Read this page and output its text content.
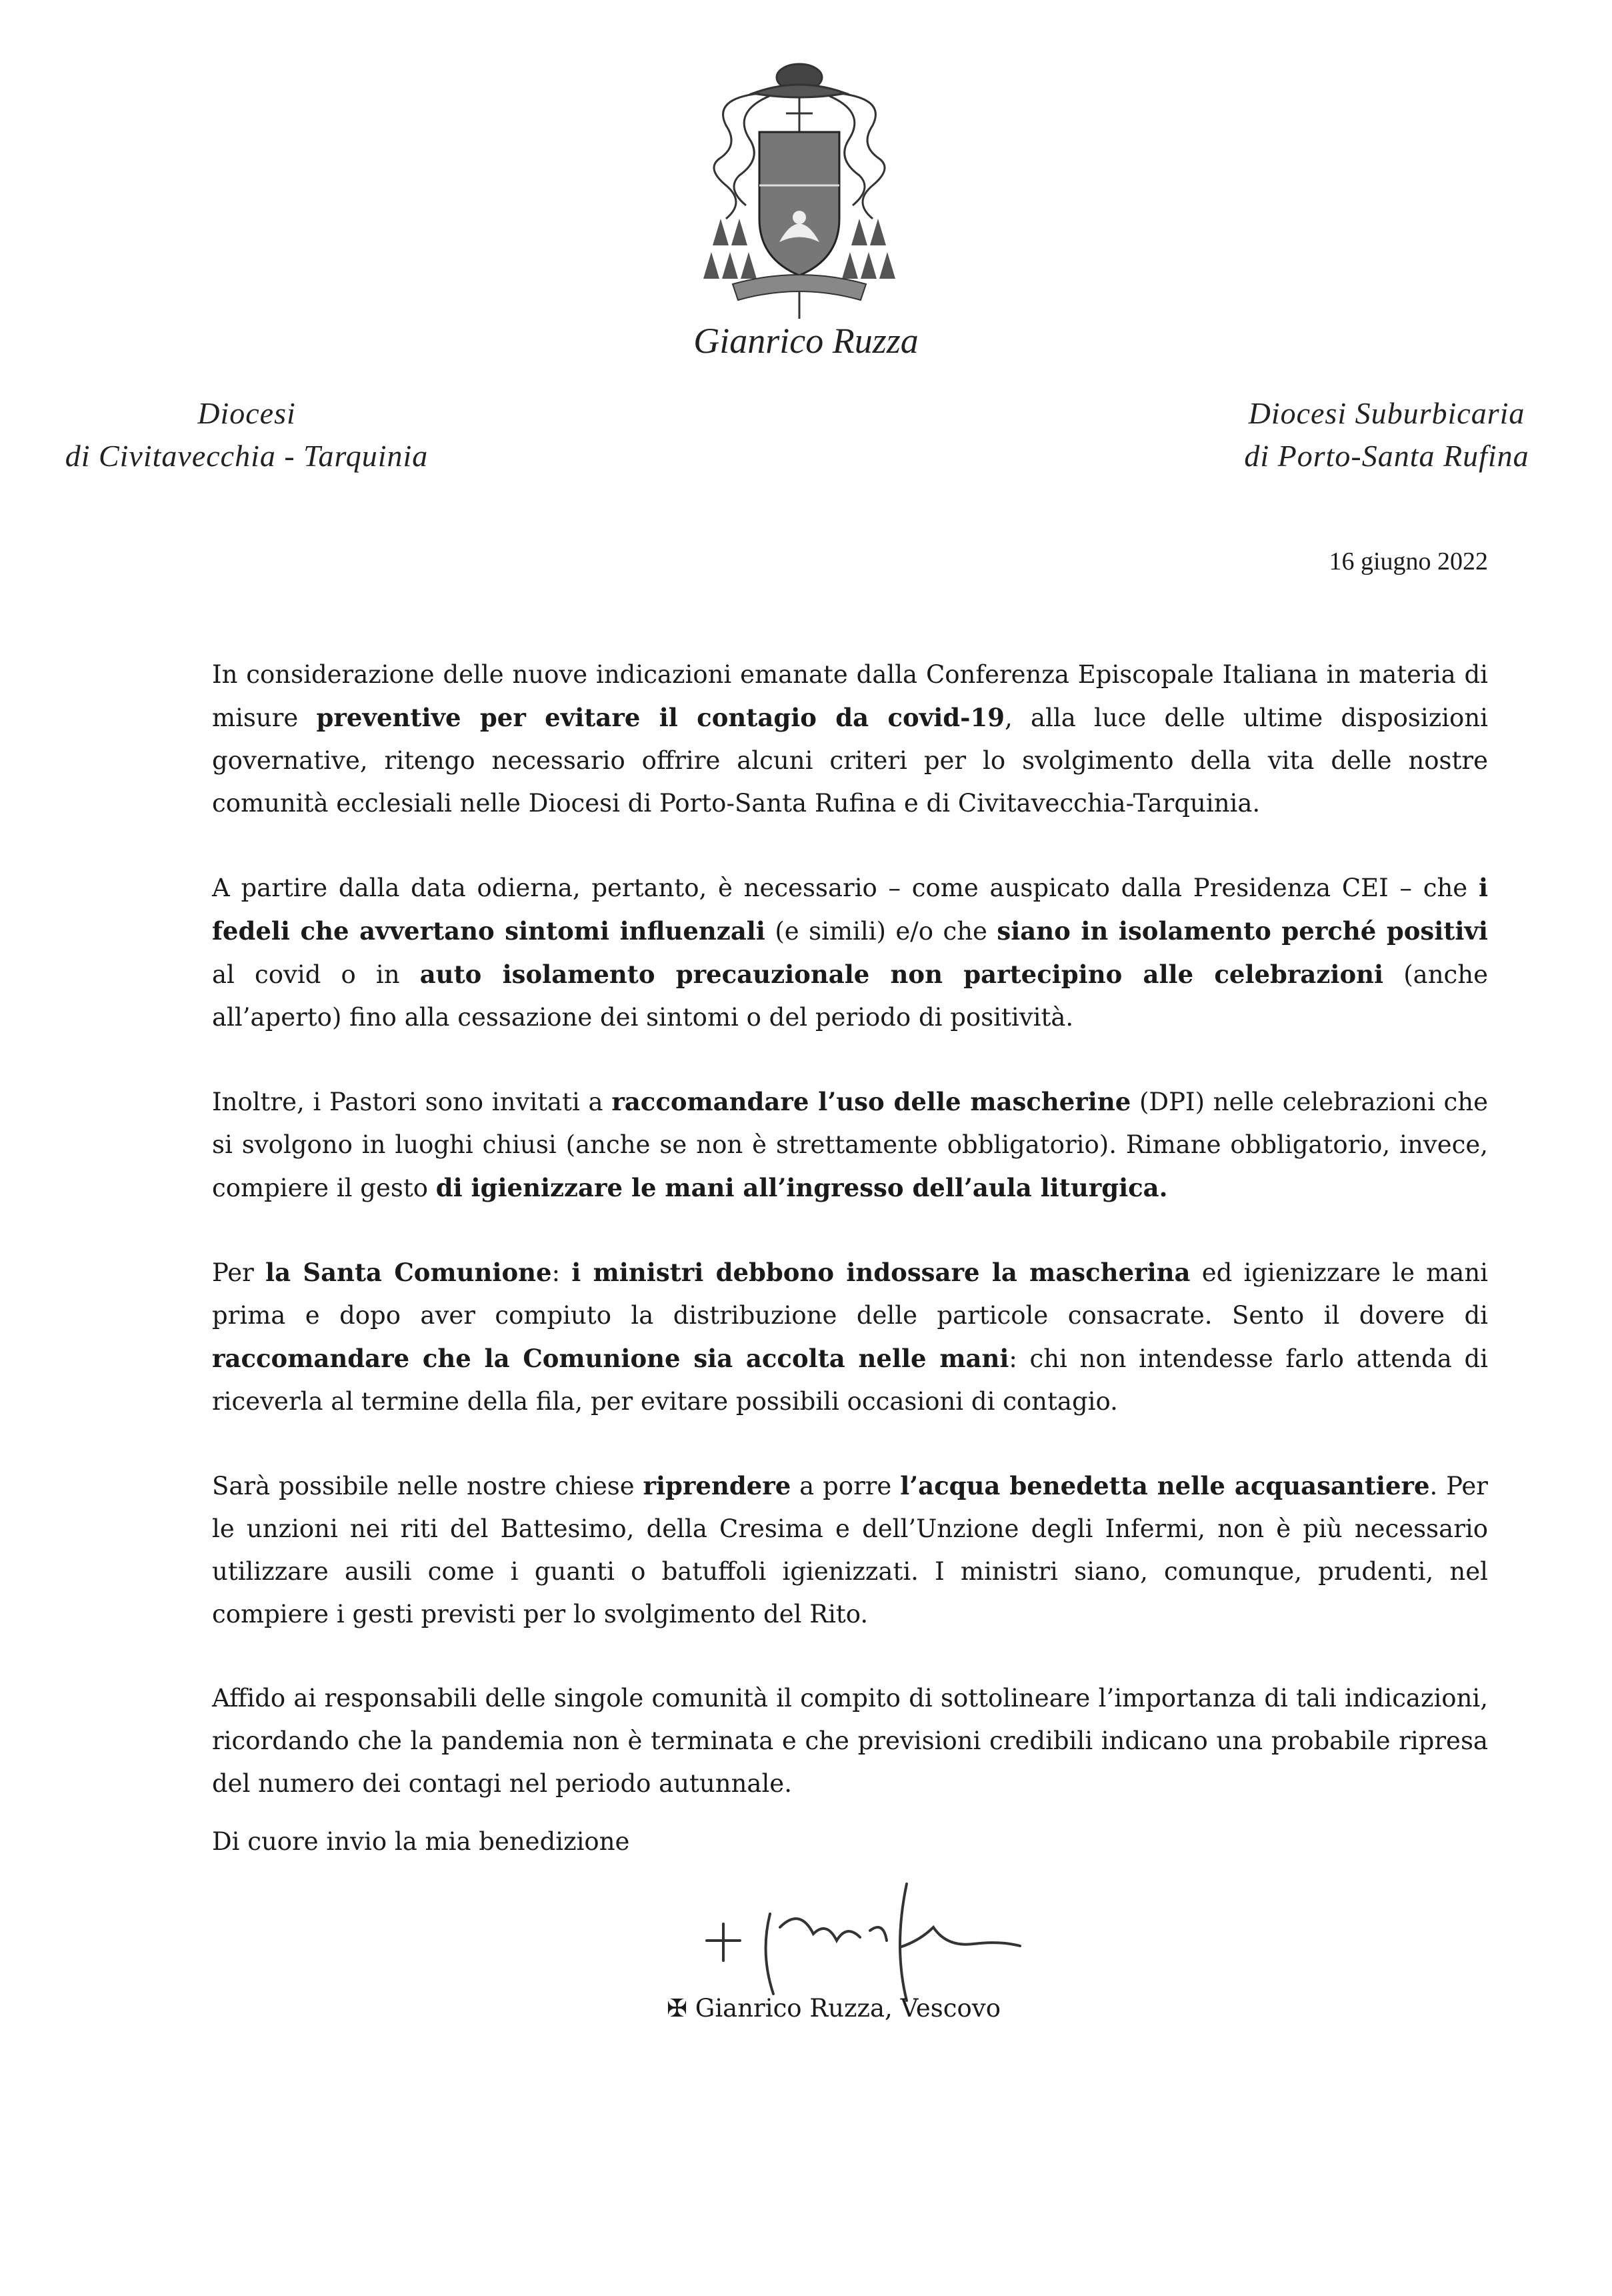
Gianrico Ruzza
Diocesi
di Civitavecchia - Tarquinia
Diocesi Suburbicaria
di Porto-Santa Rufina
16 giugno 2022

In considerazione delle nuove indicazioni emanate dalla Conferenza Episcopale Italiana in materia di misure preventive per evitare il contagio da covid-19, alla luce delle ultime disposizioni governative, ritengo necessario offrire alcuni criteri per lo svolgimento della vita delle nostre comunità ecclesiali nelle Diocesi di Porto-Santa Rufina e di Civitavecchia-Tarquinia.

A partire dalla data odierna, pertanto, è necessario – come auspicato dalla Presidenza CEI – che i fedeli che avvertano sintomi influenzali (e simili) e/o che siano in isolamento perché positivi al covid o in auto isolamento precauzionale non partecipino alle celebrazioni (anche all’aperto) fino alla cessazione dei sintomi o del periodo di positività.

Inoltre, i Pastori sono invitati a raccomandare l’uso delle mascherine (DPI) nelle celebrazioni che si svolgono in luoghi chiusi (anche se non è strettamente obbligatorio). Rimane obbligatorio, invece, compiere il gesto di igienizzare le mani all’ingresso dell’aula liturgica.

Per la Santa Comunione: i ministri debbono indossare la mascherina ed igienizzare le mani prima e dopo aver compiuto la distribuzione delle particole consacrate. Sento il dovere di raccomandare che la Comunione sia accolta nelle mani: chi non intendesse farlo attenda di riceverla al termine della fila, per evitare possibili occasioni di contagio.

Sarà possibile nelle nostre chiese riprendere a porre l’acqua benedetta nelle acquasantiere. Per le unzioni nei riti del Battesimo, della Cresima e dell’Unzione degli Infermi, non è più necessario utilizzare ausili come i guanti o batuffoli igienizzati. I ministri siano, comunque, prudenti, nel compiere i gesti previsti per lo svolgimento del Rito.

Affido ai responsabili delle singole comunità il compito di sottolineare l’importanza di tali indicazioni, ricordando che la pandemia non è terminata e che previsioni credibili indicano una probabile ripresa del numero dei contagi nel periodo autunnale.

Di cuore invio la mia benedizione
✠ Gianrico Ruzza, Vescovo
